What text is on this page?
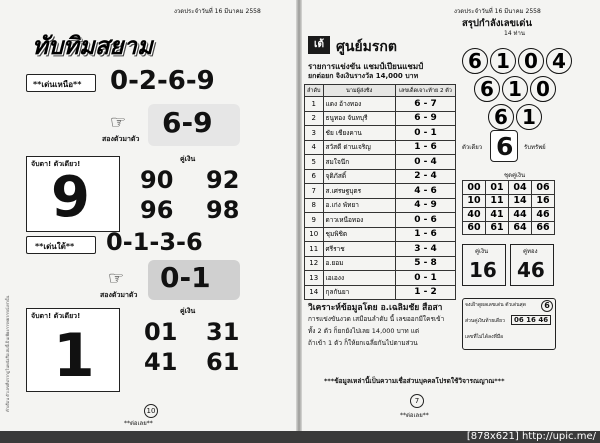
งวดประจำวันที่ 16 มีนาคม 2558
ทับทิมสยาม
**เด่นเหนือ** 0-2-6-9
☞
สองตัวมาตัว 6-9
จับตา! ตัวเดียว!
9
คู่เงิน
90 92
96 98
**เด่นใต้** 0-1-3-6
☞
สองตัวมาตัว
0-1
จับตา! ตัวเดียว!
1
คู่เงิน
01 31
41 61
10
**ต่อเลย**
คำเตือน ตัวเลขที่ปรากฏในหนังสือเล่มนี้เป็นเพียงการพยากรณ์เท่านั้น
งวดประจำวันที่ 16 มีนาคม 2558
เต้ ศูนย์มรกต
รายการแข่งขัน แชมป์เปียนแชมป์
ยกต่อยก จิงเงินรางวัล 14,000 บาท
ลำดับ	นามผู้ส่งชิง	เลขเด็ดเจาะท้าย 2 ตัว
1	แดง อ้างทอง	6 - 7
2	ธนูทอง จันทบุรี	6 - 9
3	ชัย เชียงคาน	0 - 1
4	สวัสดี ด่านเจริญ	1 - 6
5	สมใจนึก	0 - 4
6	จุติภัสดิ์	2 - 4
7	ส.เศรษฐบุตร	4 - 6
8	อ.เก่ง พัทยา	4 - 9
9	ดาวเหนือทอง	0 - 6
10	ชุมพิชิต	1 - 6
11	ศรีราช	3 - 4
12	อ.ยอม	5 - 8
13	เอเองง	0 - 1
14	กุลกันยา	1 - 2
สรุปกำลังเลขเด่น
14 ท่าน
6 1 0 4
6 1 0
6 1
ตัวเดียว 6 รับทรัพย์
ชุดคู่เงิน
00	01	04	06
10	11	14	16
40	41	44	46
60	61	64	66
คู่เงิน
16
คู่ทอง
46
วิเคราะห์ข้อมูลโดย อ.เฉลิมชัย สือสา
การแข่งขันงวด เสมือนลำดับ นี้ เลขออกมีใครเข้า
ทั้ง 2 ตัว ก็ยกยังไปเลย 14,000 บาท แต่
ถ้าเข้า 1 ตัว ก็ให้ยกเฉลี่ยกันไปตามส่วน
จงเฝ้าดูผลเลขเด่น ตัวเด่นสุด	6
ส่วนคู่เงินท้ายเดียว	06 16 46
เลขที่ไม่ได้ลงที่มือ
***ข้อมูลเหล่านี้เป็นความเชื่อส่วนบุคคลโปรดใช้วิจารณญาณ***
7
**ต่อเลย**
[878x621] http://upic.me/
